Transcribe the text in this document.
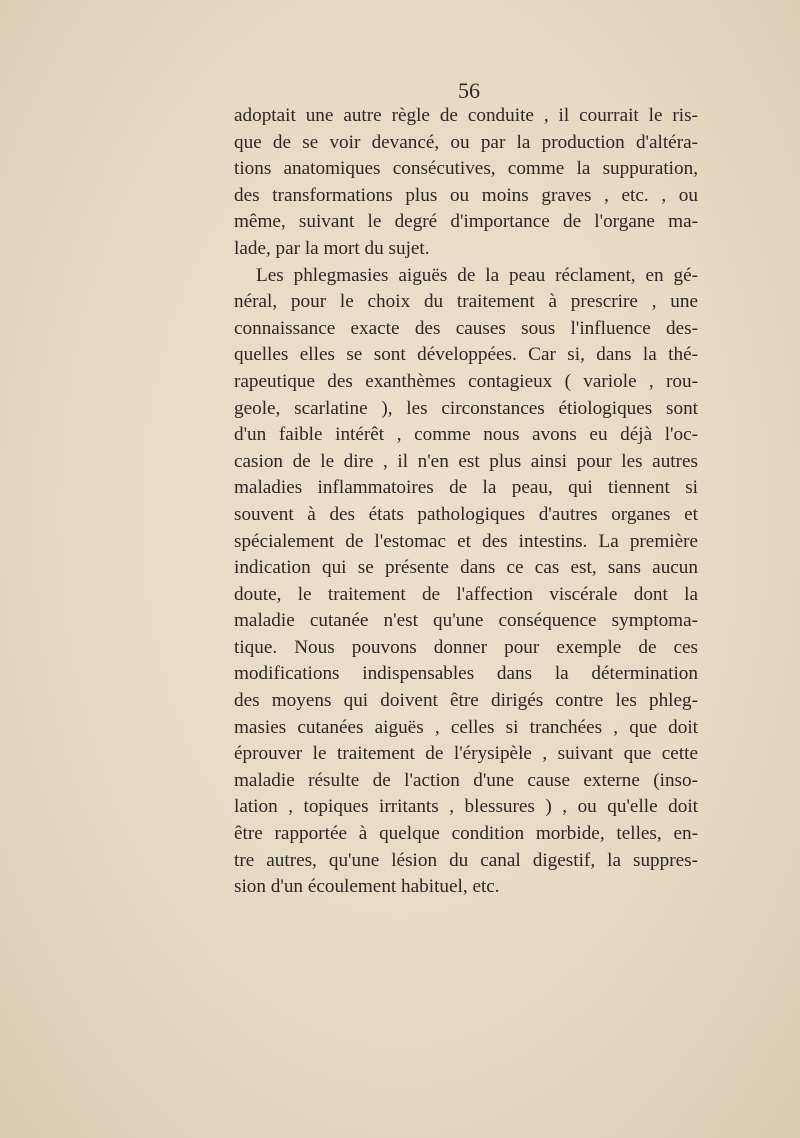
56
adoptait une autre règle de conduite , il courrait le ris-
que de se voir devancé, ou par la production d'altéra-
tions anatomiques consécutives, comme la suppuration,
des transformations plus ou moins graves , etc. , ou
même, suivant le degré d'importance de l'organe ma-
lade, par la mort du sujet.
Les phlegmasies aiguës de la peau réclament, en gé-
néral, pour le choix du traitement à prescrire , une
connaissance exacte des causes sous l'influence des-
quelles elles se sont développées. Car si, dans la thé-
rapeutique des exanthèmes contagieux ( variole , rou-
geole, scarlatine ), les circonstances étiologiques sont
d'un faible intérêt , comme nous avons eu déjà l'oc-
casion de le dire , il n'en est plus ainsi pour les autres
maladies inflammatoires de la peau, qui tiennent si
souvent à des états pathologiques d'autres organes et
spécialement de l'estomac et des intestins. La première
indication qui se présente dans ce cas est, sans aucun
doute, le traitement de l'affection viscérale dont la
maladie cutanée n'est qu'une conséquence symptoma-
tique. Nous pouvons donner pour exemple de ces
modifications indispensables dans la détermination
des moyens qui doivent être dirigés contre les phleg-
masies cutanées aiguës , celles si tranchées , que doit
éprouver le traitement de l'érysipèle , suivant que cette
maladie résulte de l'action d'une cause externe (inso-
lation , topiques irritants , blessures ) , ou qu'elle doit
être rapportée à quelque condition morbide, telles, en-
tre autres, qu'une lésion du canal digestif, la suppres-
sion d'un écoulement habituel, etc.
